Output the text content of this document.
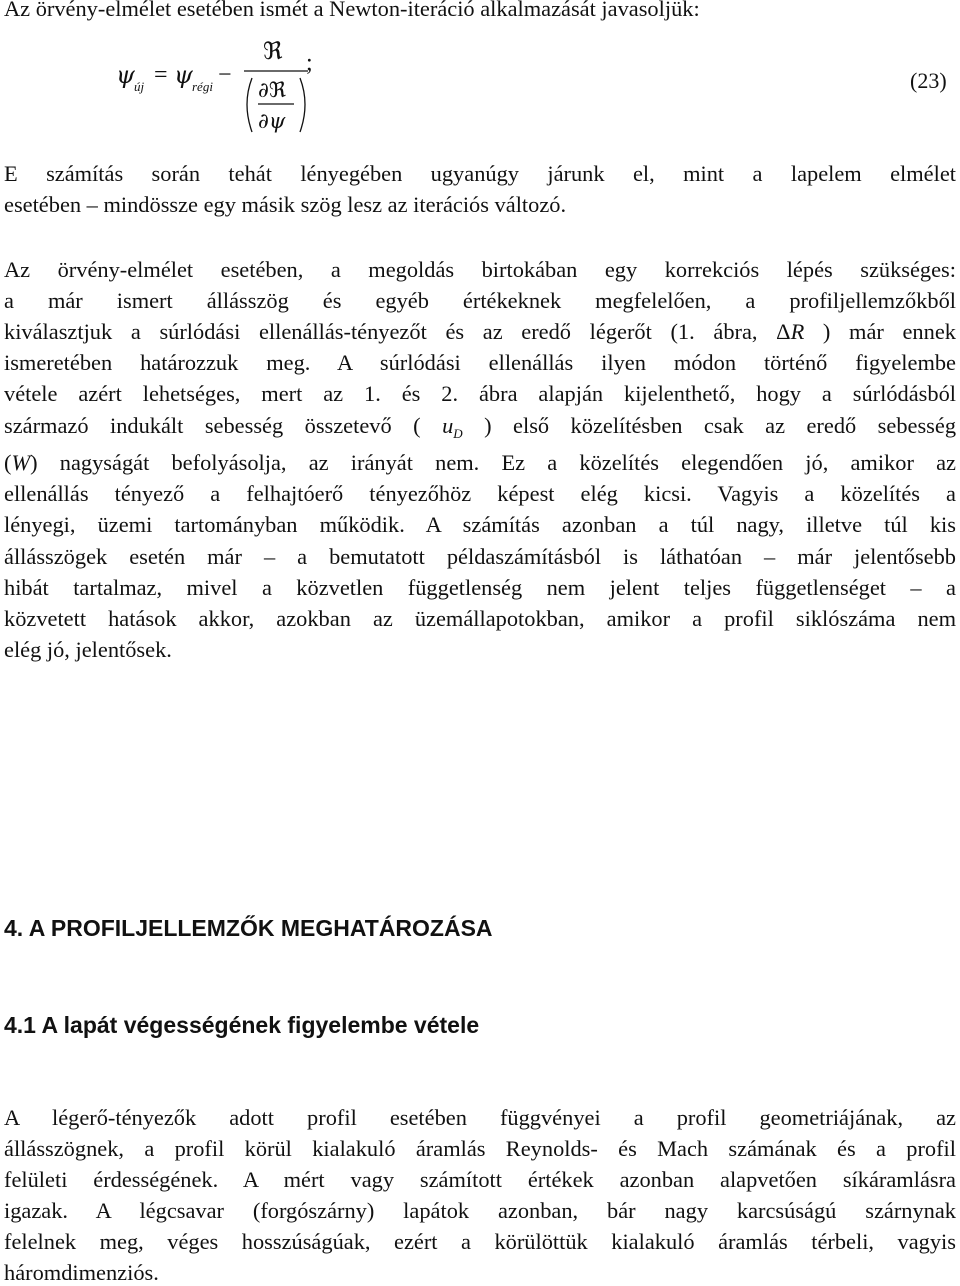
Az örvény-elmélet esetében ismét a Newton-iteráció alkalmazását javasoljük:
ψ új = ψ régi −
ℜ
∂ℜ
∂ψ
;
(23)
E számítás során tehát lényegében ugyanúgy járunk el, mint a lapelem elmélet
esetében – mindössze egy másik szög lesz az iterációs változó.
Az örvény-elmélet esetében, a megoldás birtokában egy korrekciós lépés szükséges:
a már ismert állásszög és egyéb értékeknek megfelelően, a profiljellemzőkből
kiválasztjuk a súrlódási ellenállás-tényezőt és az eredő légerőt (1. ábra, ΔR ) már ennek
ismeretében határozzuk meg. A súrlódási ellenállás ilyen módon történő figyelembe
vétele azért lehetséges, mert az 1. és 2. ábra alapján kijelenthető, hogy a súrlódásból
származó indukált sebesség összetevő ( $u_D$ ) első közelítésben csak az eredő sebesség
(W) nagyságát befolyásolja, az irányát nem. Ez a közelítés elegendően jó, amikor az
ellenállás tényező a felhajtóerő tényezőhöz képest elég kicsi. Vagyis a közelítés a
lényegi, üzemi tartományban működik. A számítás azonban a túl nagy, illetve túl kis
állásszögek esetén már – a bemutatott példaszámításból is láthatóan – már jelentősebb
hibát tartalmaz, mivel a közvetlen függetlenség nem jelent teljes függetlenséget – a
közvetett hatások akkor, azokban az üzemállapotokban, amikor a profil siklószáma nem
elég jó, jelentősek.
4. A PROFILJELLEMZŐK MEGHATÁROZÁSA
4.1 A lapát végességének figyelembe vétele
A légerő-tényezők adott profil esetében függvényei a profil geometriájának, az
állásszögnek, a profil körül kialakuló áramlás Reynolds- és Mach számának és a profil
felületi érdességének. A mért vagy számított értékek azonban alapvetően síkáramlásra
igazak. A légcsavar (forgószárny) lapátok azonban, bár nagy karcsúságú szárnynak
felelnek meg, véges hosszúságúak, ezért a körülöttük kialakuló áramlás térbeli, vagyis
háromdimenziós.
